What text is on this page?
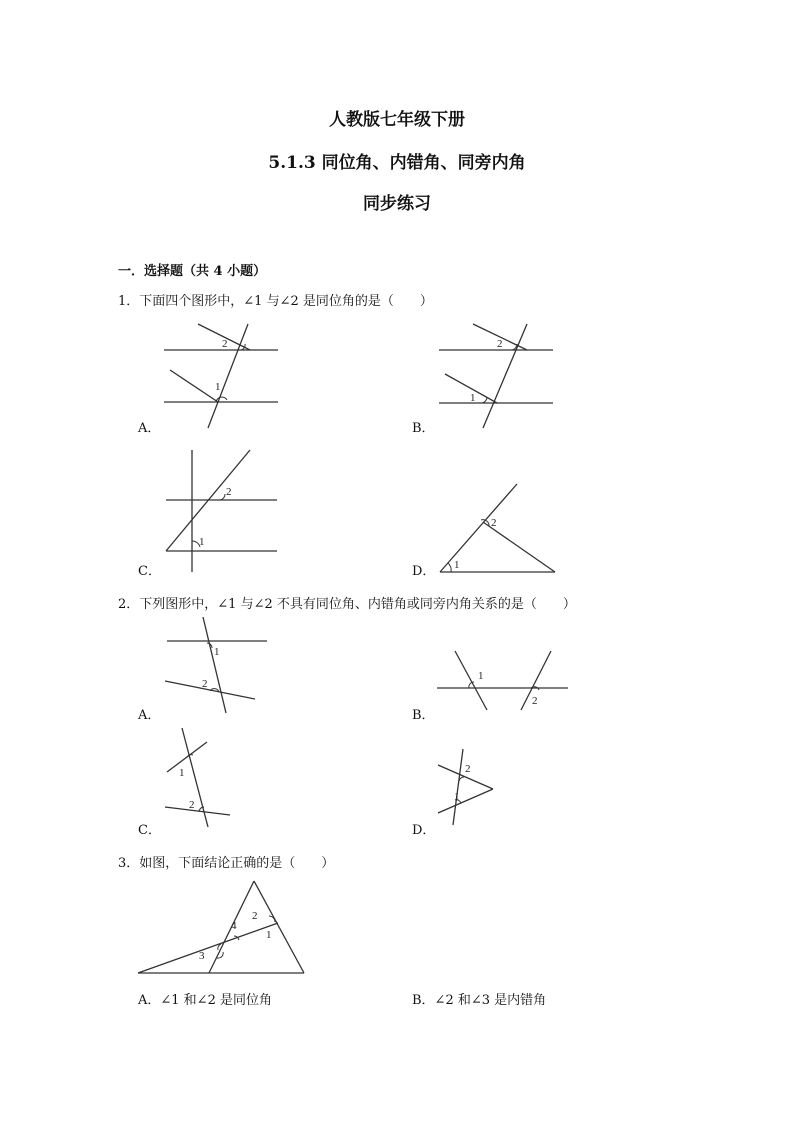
人教版七年级下册
5.1.3 同位角、内错角、同旁内角
同步练习
一．选择题（共 4 小题）
1．下面四个图形中，∠1 与∠2 是同位角的是（　　）
2
1
A．
2
1
B．
2
1
C．
2
1
D．
2．下列图形中，∠1 与∠2 不具有同位角、内错角或同旁内角关系的是（　　）
1
2
A．
1
2
B．
1
2
C．
2
1
D．
3．如图，下面结论正确的是（　　）
4
2
1
3
A．∠1 和∠2 是同位角	B．∠2 和∠3 是内错角
